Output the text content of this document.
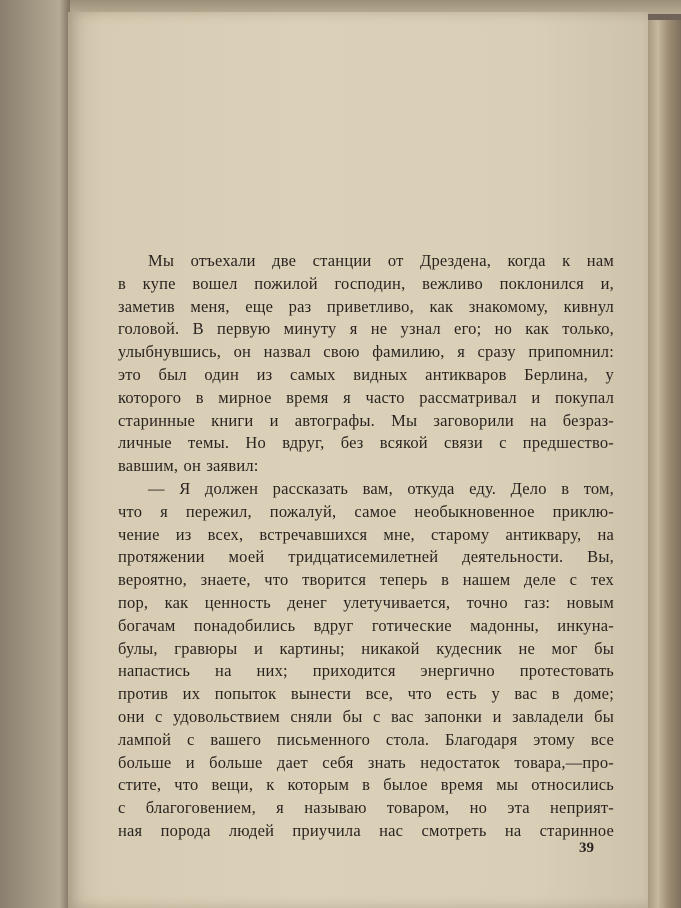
Мы отъехали две станции от Дрездена, когда к нам
в купе вошел пожилой господин, вежливо поклонился и,
заметив меня, еще раз приветливо, как знакомому, кивнул
головой. В первую минуту я не узнал его; но как только,
улыбнувшись, он назвал свою фамилию, я сразу припомнил:
это был один из самых видных антикваров Берлина, у
которого в мирное время я часто рассматривал и покупал
старинные книги и автографы. Мы заговорили на безраз-
личные темы. Но вдруг, без всякой связи с предшество-
вавшим, он заявил:
— Я должен рассказать вам, откуда еду. Дело в том,
что я пережил, пожалуй, самое необыкновенное приклю-
чение из всех, встречавшихся мне, старому антиквару, на
протяжении моей тридцатисемилетней деятельности. Вы,
вероятно, знаете, что творится теперь в нашем деле с тех
пор, как ценность денег улетучивается, точно газ: новым
богачам понадобились вдруг готические мадонны, инкуна-
булы, гравюры и картины; никакой кудесник не мог бы
напастись на них; приходится энергично протестовать
против их попыток вынести все, что есть у вас в доме;
они с удовольствием сняли бы с вас запонки и завладели бы
лампой с вашего письменного стола. Благодаря этому все
больше и больше дает себя знать недостаток товара,—про-
стите, что вещи, к которым в былое время мы относились
с благоговением, я называю товаром, но эта неприят-
ная порода людей приучила нас смотреть на старинное
39
